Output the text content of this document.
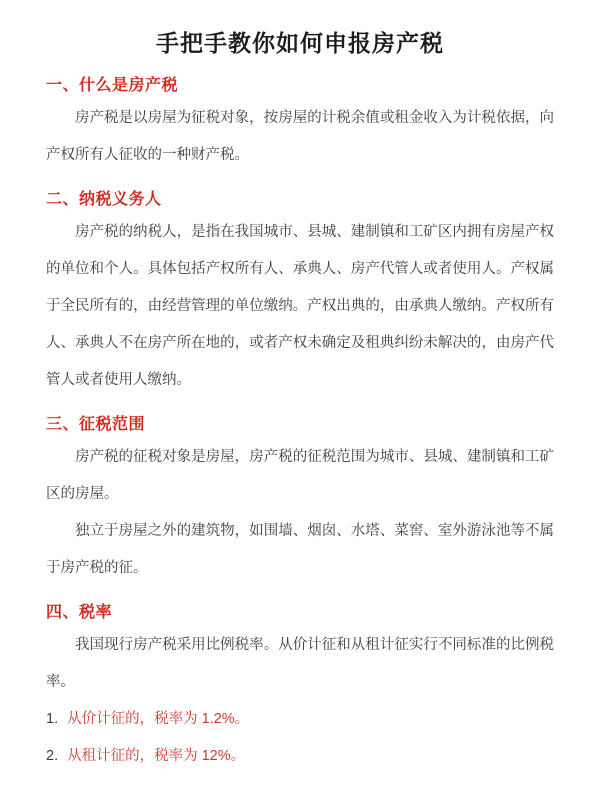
手把手教你如何申报房产税
一、什么是房产税

房产税是以房屋为征税对象，按房屋的计税余值或租金收入为计税依据，向产权所有人征收的一种财产税。

二、纳税义务人

房产税的纳税人，是指在我国城市、县城、建制镇和工矿区内拥有房屋产权的单位和个人。具体包括产权所有人、承典人、房产代管人或者使用人。产权属于全民所有的，由经营管理的单位缴纳。产权出典的，由承典人缴纳。产权所有人、承典人不在房产所在地的，或者产权未确定及租典纠纷未解决的，由房产代管人或者使用人缴纳。

三、征税范围

房产税的征税对象是房屋，房产税的征税范围为城市、县城、建制镇和工矿区的房屋。

独立于房屋之外的建筑物，如围墙、烟囱、水塔、菜窖、室外游泳池等不属于房产税的征。

四、税率

我国现行房产税采用比例税率。从价计征和从租计征实行不同标准的比例税率。

1. 从价计征的，税率为 1.2%。

2. 从租计征的，税率为 12%。
